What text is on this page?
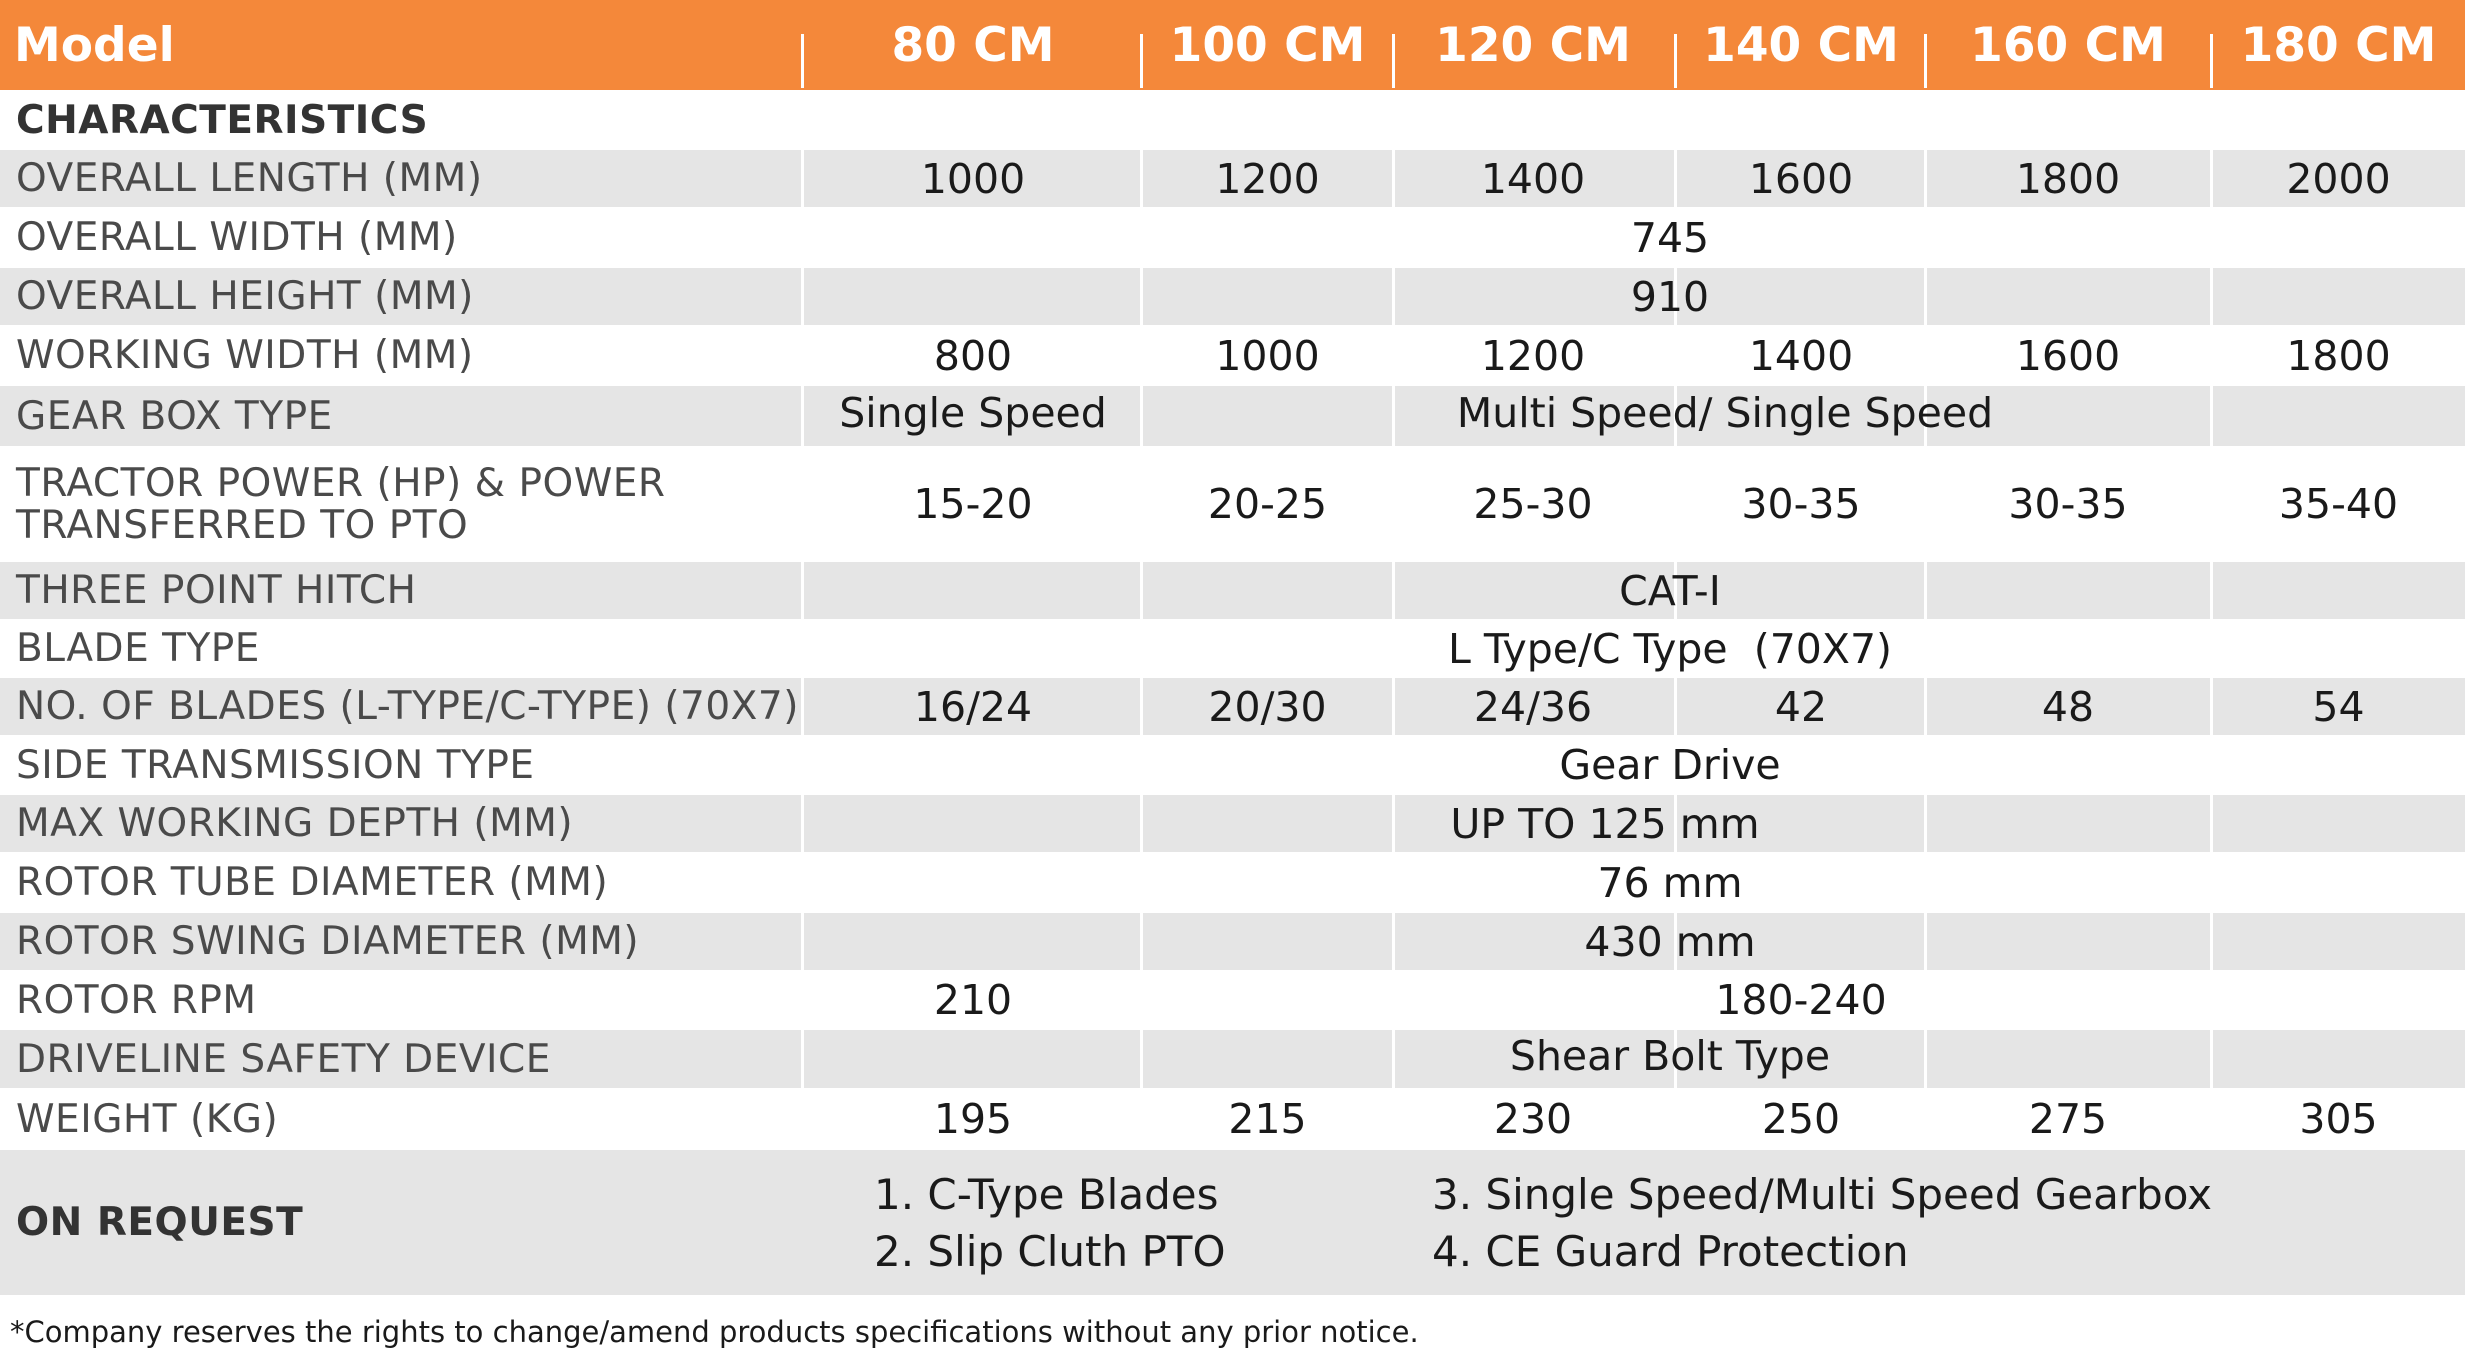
Model	80 CM	100 CM	120 CM	140 CM	160 CM	180 CM
CHARACTERISTICS
OVERALL LENGTH (MM)	1000	1200	1400	1600	1800	2000
OVERALL WIDTH (MM)	745
OVERALL HEIGHT (MM)	910
WORKING WIDTH (MM)	800	1000	1200	1400	1600	1800
GEAR BOX TYPE	Single Speed	Multi Speed/ Single Speed
TRACTOR POWER (HP) & POWER TRANSFERRED TO PTO	15-20	20-25	25-30	30-35	30-35	35-40
THREE POINT HITCH	CAT-I
BLADE TYPE	L Type/C Type  (70X7)
NO. OF BLADES (L-TYPE/C-TYPE) (70X7)	16/24	20/30	24/36	42	48	54
SIDE TRANSMISSION TYPE	Gear Drive
MAX WORKING DEPTH (MM)	UP TO 125 mm
ROTOR TUBE DIAMETER (MM)	76 mm
ROTOR SWING DIAMETER (MM)	430 mm
ROTOR RPM	210	180-240
DRIVELINE SAFETY DEVICE	Shear Bolt Type
WEIGHT (KG)	195	215	230	250	275	305
ON REQUEST
1. C-Type Blades
2. Slip Cluth PTO
3. Single Speed/Multi Speed Gearbox
4. CE Guard Protection
*Company reserves the rights to change/amend products specifications without any prior notice.
